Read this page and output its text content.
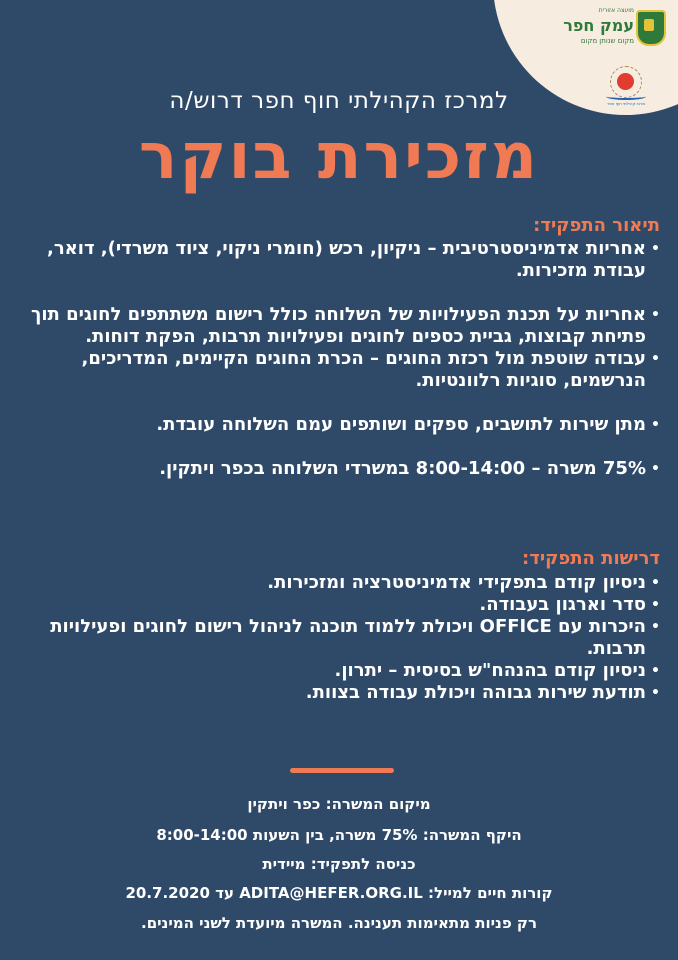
מועצה אזורית
עמק חפר
מקום שנותן מקום
מרכז קהילתי חוף חפר
למרכז הקהילתי חוף חפר דרוש/ה
מזכירת בוקר
תיאור התפקיד:
• אחריות אדמיניסטרטיבית – ניקיון, רכש (חומרי ניקוי, ציוד משרדי), דואר, עבודת מזכירות.
• אחריות על תכנת הפעילויות של השלוחה כולל רישום משתתפים לחוגים תוך פתיחת קבוצות, גביית כספים לחוגים ופעילויות תרבות, הפקת דוחות.
• עבודה שוטפת מול רכזת החוגים – הכרת החוגים הקיימים, המדריכים, הנרשמים, סוגיות רלוונטיות.
• מתן שירות לתושבים, ספקים ושותפים עמם השלוחה עובדת.
• 75% משרה – 8:00-14:00 במשרדי השלוחה בכפר ויתקין.
דרישות התפקיד:
• ניסיון קודם בתפקידי אדמיניסטרציה ומזכירות.
• סדר וארגון בעבודה.
• היכרות עם OFFICE ויכולת ללמוד תוכנה לניהול רישום לחוגים ופעילויות תרבות.
• ניסיון קודם בהנהח"ש בסיסית – יתרון.
• תודעת שירות גבוהה ויכולת עבודה בצוות.
מיקום המשרה: כפר ויתקין
היקף המשרה: 75% משרה, בין השעות 8:00-14:00
כניסה לתפקיד: מיידית
קורות חיים למייל: ADITA@HEFER.ORG.IL עד 20.7.2020
רק פניות מתאימות תענינה. המשרה מיועדת לשני המינים.
